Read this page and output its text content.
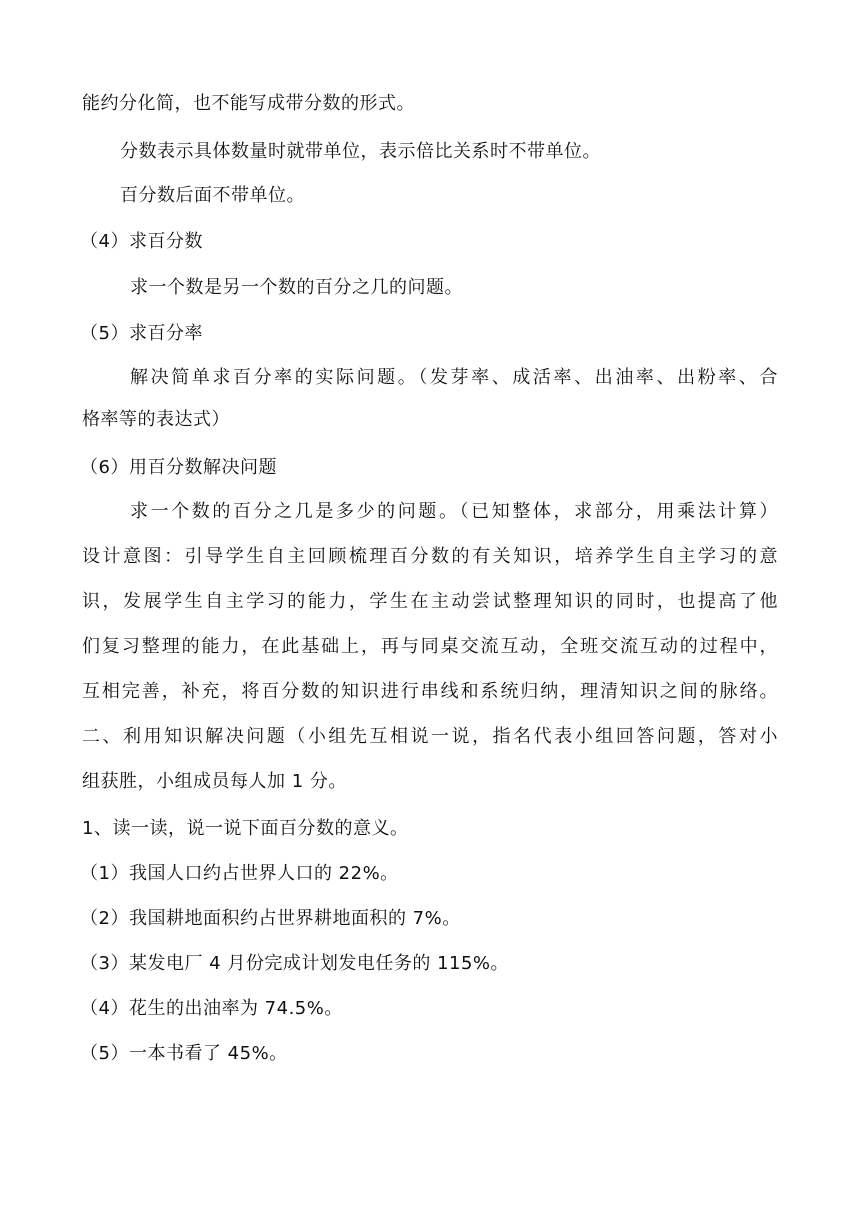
能约分化简，也不能写成带分数的形式。
分数表示具体数量时就带单位，表示倍比关系时不带单位。
百分数后面不带单位。
（4）求百分数
求一个数是另一个数的百分之几的问题。
（5）求百分率
解决简单求百分率的实际问题。（发芽率、成活率、出油率、出粉率、合
格率等的表达式）
（6）用百分数解决问题
求一个数的百分之几是多少的问题。（已知整体，求部分，用乘法计算）
设计意图：引导学生自主回顾梳理百分数的有关知识，培养学生自主学习的意
识，发展学生自主学习的能力，学生在主动尝试整理知识的同时，也提高了他
们复习整理的能力，在此基础上，再与同桌交流互动，全班交流互动的过程中，
互相完善，补充，将百分数的知识进行串线和系统归纳，理清知识之间的脉络。
二、利用知识解决问题（小组先互相说一说，指名代表小组回答问题，答对小
组获胜，小组成员每人加 1 分。
1、读一读，说一说下面百分数的意义。
（1）我国人口约占世界人口的 22%。
（2）我国耕地面积约占世界耕地面积的 7%。
（3）某发电厂 4 月份完成计划发电任务的 115%。
（4）花生的出油率为 74.5%。
（5）一本书看了 45%。
